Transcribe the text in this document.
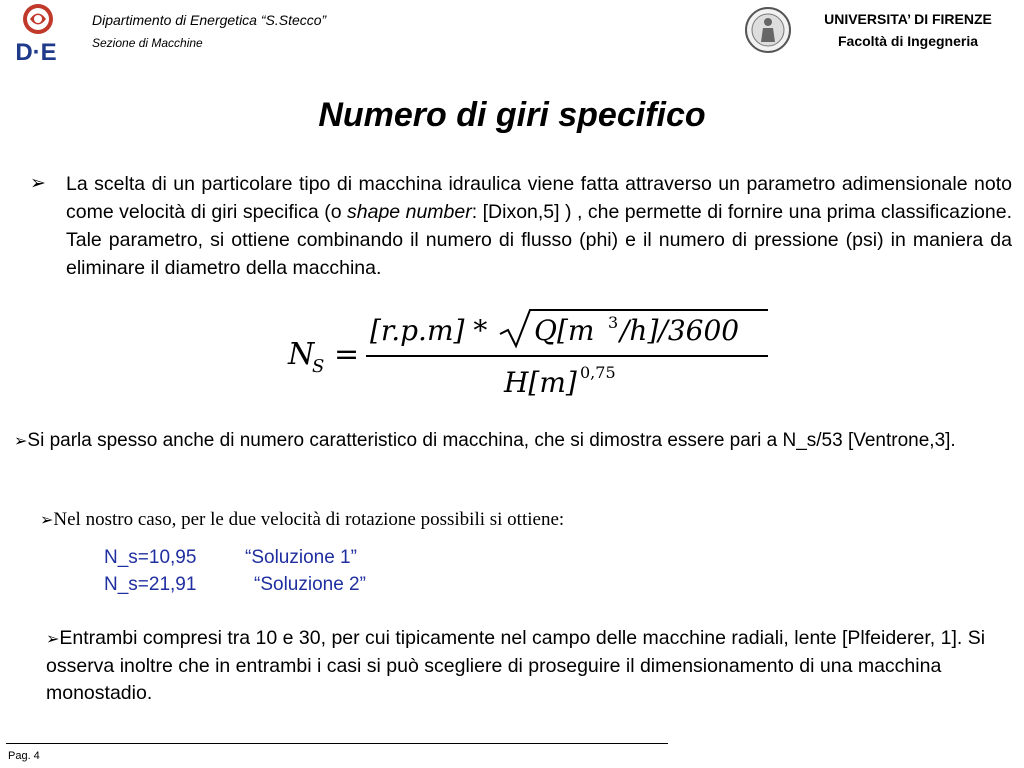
D·E
Dipartimento di Energetica “S.Stecco”
Sezione di Macchine
UNIVERSITA’ DI FIRENZE
Facoltà di Ingegneria
Numero di giri specifico
➢ La scelta di un particolare tipo di macchina idraulica viene fatta attraverso un parametro adimensionale noto come velocità di giri specifica (o shape number: [Dixon,5] ) , che permette di fornire una prima classificazione. Tale parametro, si ottiene combinando il numero di flusso (phi) e il numero di pressione (psi) in maniera da eliminare il diametro della macchina.
N
S =
[r.p.m] * Q[m 3 /h]/3600
H[m] 0,75
➢Si parla spesso anche di numero caratteristico di macchina, che si dimostra essere pari a N_s/53 [Ventrone,3].
➢Nel nostro caso, per le due velocità di rotazione possibili si ottiene:
N_s=10,95	“Soluzione 1”
N_s=21,91	“Soluzione 2”
➢Entrambi compresi tra 10 e 30, per cui tipicamente nel campo delle macchine radiali, lente [Plfeiderer, 1]. Si osserva inoltre che in entrambi i casi si può scegliere di proseguire il dimensionamento di una macchina monostadio.
Pag. 4
